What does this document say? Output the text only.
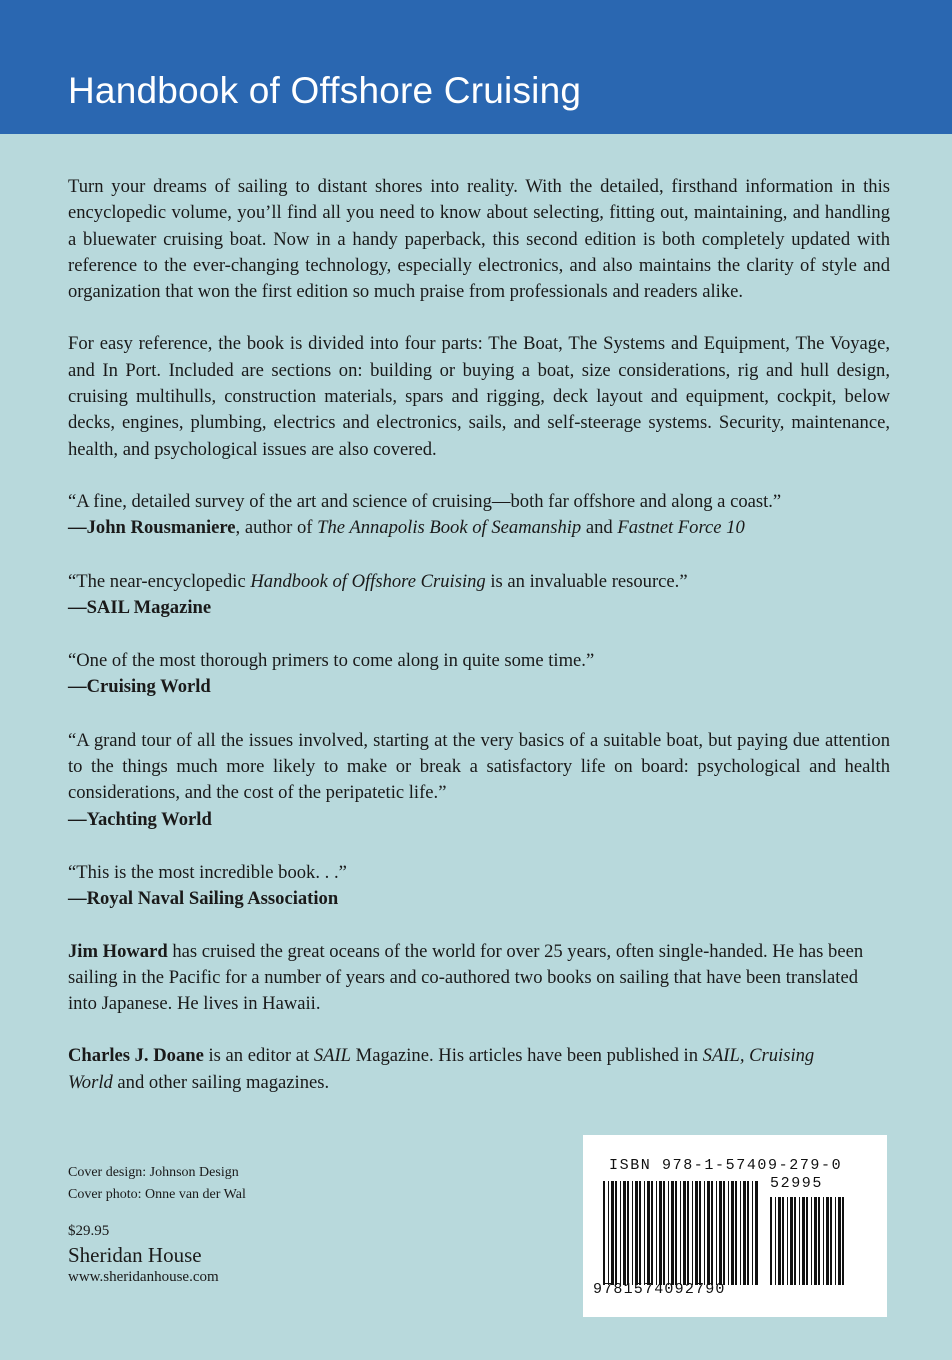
Handbook of Offshore Cruising

Turn your dreams of sailing to distant shores into reality. With the detailed, firsthand information in this encyclopedic volume, you’ll find all you need to know about selecting, fitting out, maintaining, and handling a bluewater cruising boat. Now in a handy paperback, this second edition is both completely updated with reference to the ever-changing technology, especially electronics, and also maintains the clarity of style and organization that won the first edition so much praise from professionals and readers alike.

For easy reference, the book is divided into four parts: The Boat, The Systems and Equipment, The Voyage, and In Port. Included are sections on: building or buying a boat, size considerations, rig and hull design, cruising multihulls, construction materials, spars and rigging, deck layout and equipment, cockpit, below decks, engines, plumbing, electrics and electronics, sails, and self-steerage systems. Security, maintenance, health, and psychological issues are also covered.

“A fine, detailed survey of the art and science of cruising—both far offshore and along a coast.”
—John Rousmaniere, author of The Annapolis Book of Seamanship and Fastnet Force 10
“The near-encyclopedic Handbook of Offshore Cruising is an invaluable resource.”
—SAIL Magazine
“One of the most thorough primers to come along in quite some time.”
—Cruising World
“A grand tour of all the issues involved, starting at the very basics of a suitable boat, but paying due attention to the things much more likely to make or break a satisfactory life on board: psychological and health considerations, and the cost of the peripatetic life.”
—Yachting World
“This is the most incredible book. . .”
—Royal Naval Sailing Association

Jim Howard has cruised the great oceans of the world for over 25 years, often single-handed. He has been sailing in the Pacific for a number of years and co-authored two books on sailing that have been translated into Japanese. He lives in Hawaii.

Charles J. Doane is an editor at SAIL Magazine. His articles have been published in SAIL, Cruising World and other sailing magazines.

Cover design: Johnson Design
Cover photo: Onne van der Wal
$29.95
Sheridan House
www.sheridanhouse.com
ISBN 978-1-57409-279-0
52995
9781574092790
